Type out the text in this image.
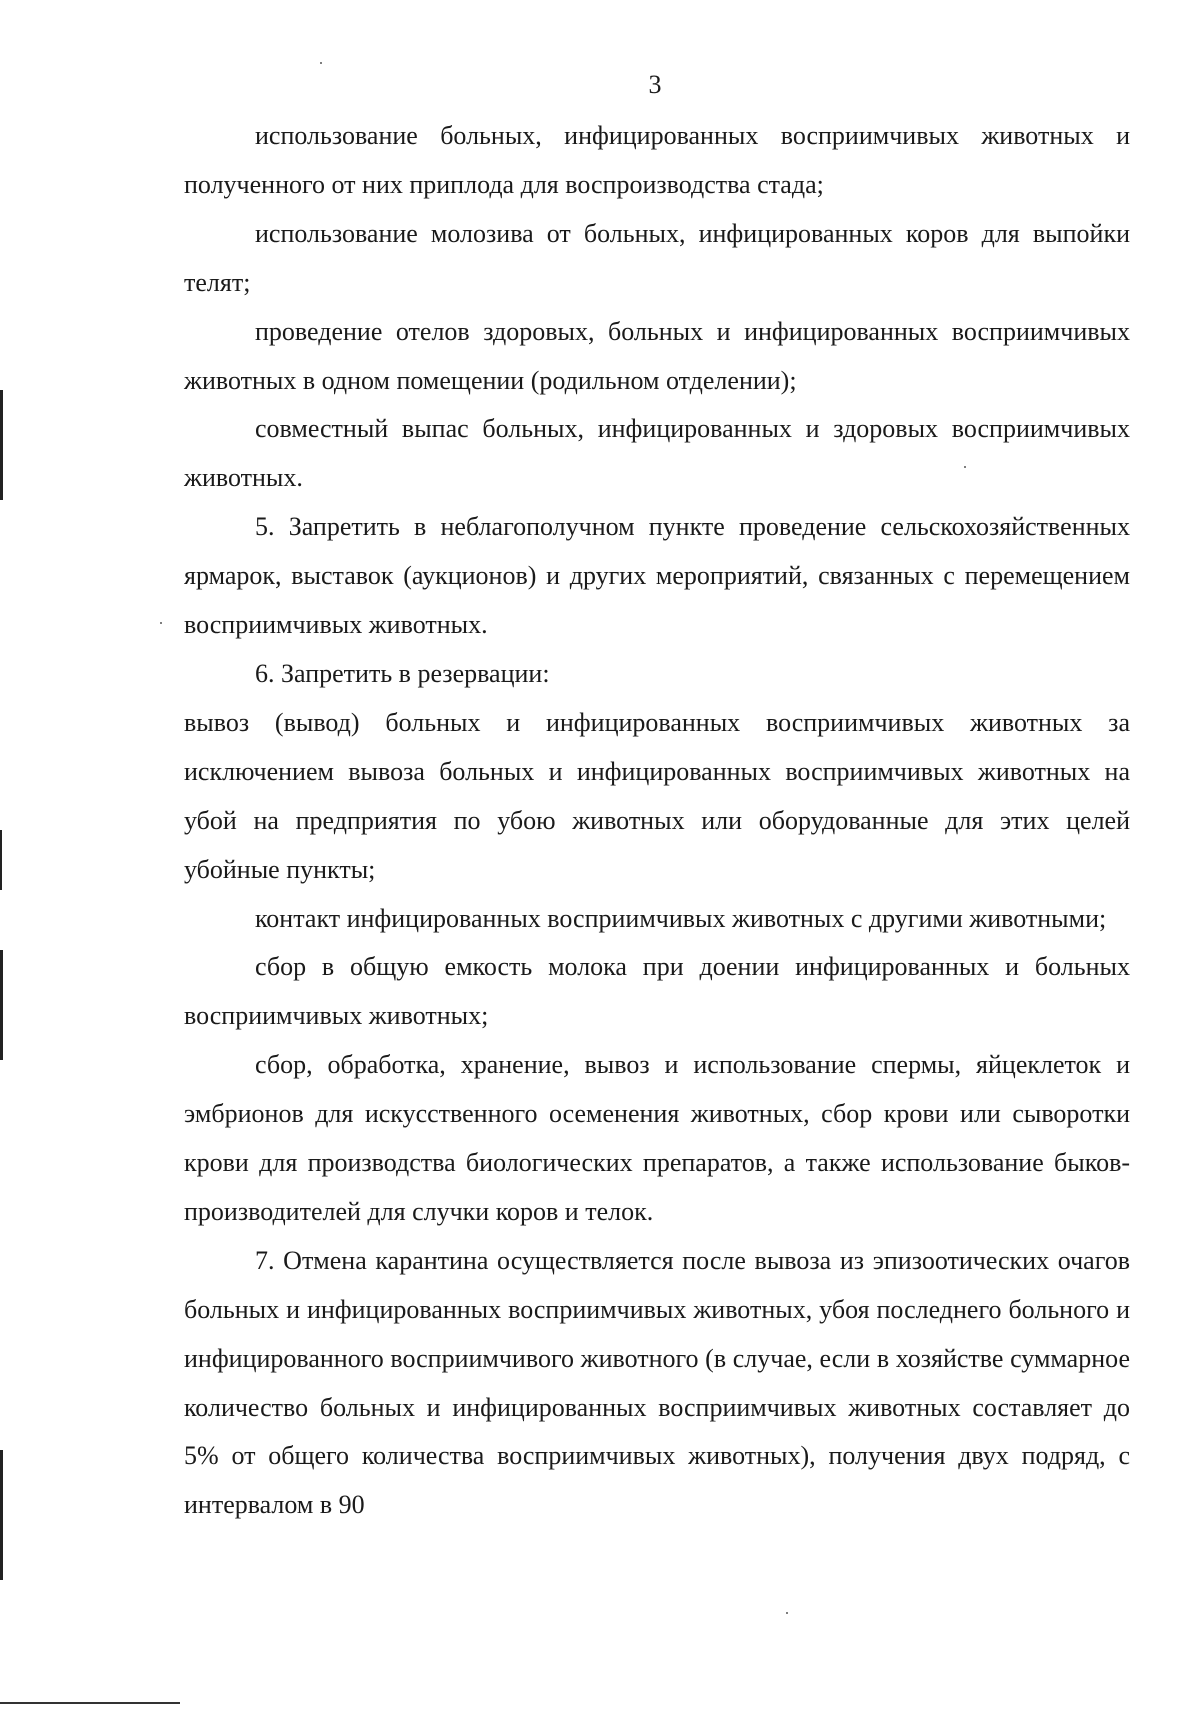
3

использование больных, инфицированных восприимчивых животных и полученного от них приплода для воспроизводства стада;

использование молозива от больных, инфицированных коров для выпойки телят;

проведение отелов здоровых, больных и инфицированных восприимчивых животных в одном помещении (родильном отделении);

совместный выпас больных, инфицированных и здоровых восприимчивых животных.

5. Запретить в неблагополучном пункте проведение сельскохозяйственных ярмарок, выставок (аукционов) и других мероприятий, связанных с перемещением восприимчивых животных.

6. Запретить в резервации:

вывоз (вывод) больных и инфицированных восприимчивых животных за исключением вывоза больных и инфицированных восприимчивых животных на убой на предприятия по убою животных или оборудованные для этих целей убойные пункты;

контакт инфицированных восприимчивых животных с другими животными;

сбор в общую емкость молока при доении инфицированных и больных восприимчивых животных;

сбор, обработка, хранение, вывоз и использование спермы, яйцеклеток и эмбрионов для искусственного осеменения животных, сбор крови или сыворотки крови для производства биологических препаратов, а также использование быков-производителей для случки коров и телок.

7. Отмена карантина осуществляется после вывоза из эпизоотических очагов больных и инфицированных восприимчивых животных, убоя последнего больного и инфицированного восприимчивого животного (в случае, если в хозяйстве суммарное количество больных и инфицированных восприимчивых животных составляет до 5% от общего количества восприимчивых животных), получения двух подряд, с интервалом в 90
